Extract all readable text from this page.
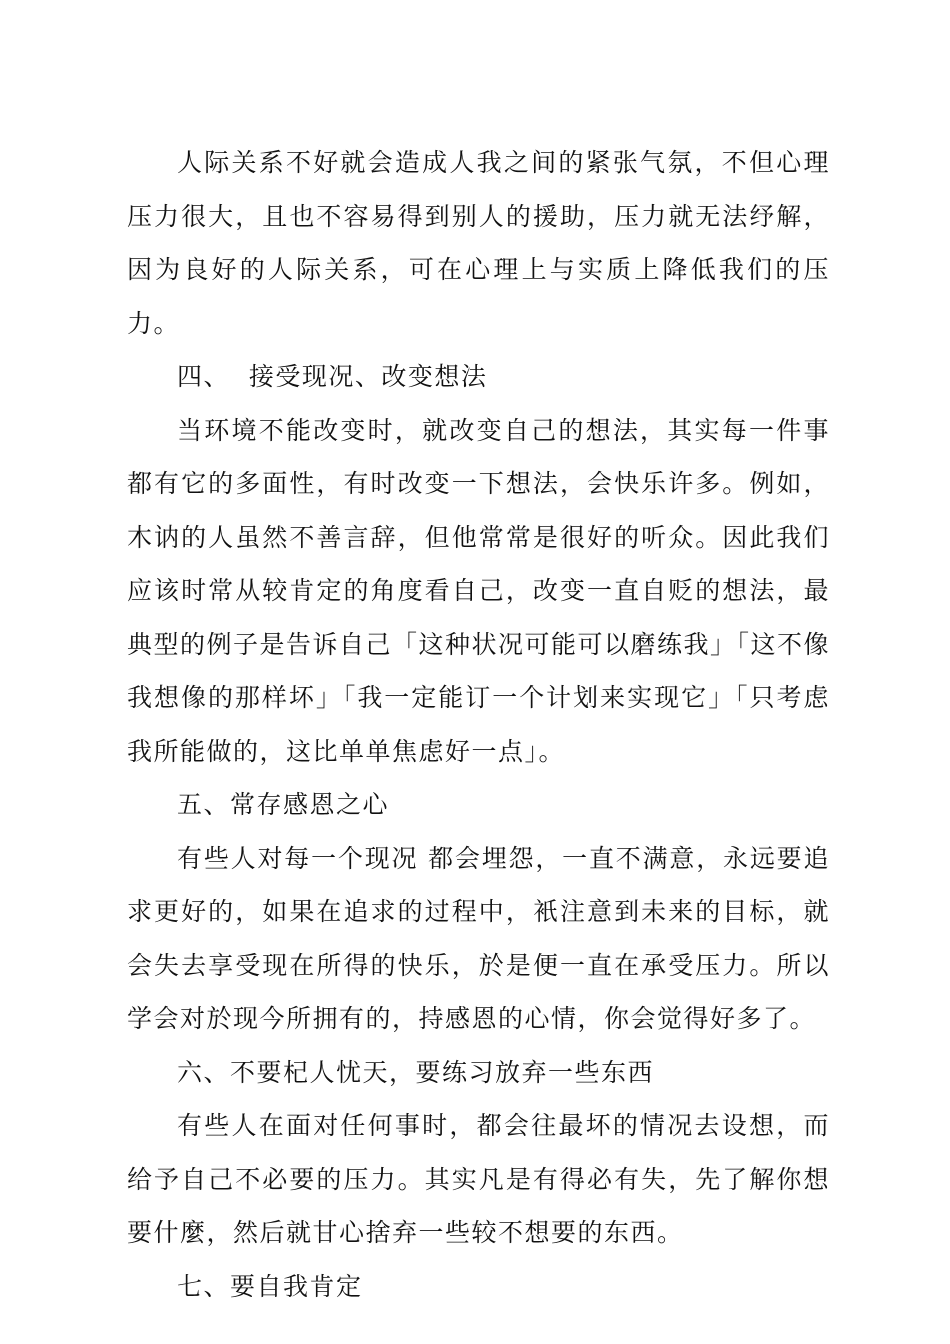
人际关系不好就会造成人我之间的紧张气氛，不但心理压力很大，且也不容易得到别人的援助，压力就无法纾解，因为良好的人际关系，可在心理上与实质上降低我们的压力。

四、  接受现况、改变想法

当环境不能改变时，就改变自己的想法，其实每一件事都有它的多面性，有时改变一下想法，会快乐许多。例如，木讷的人虽然不善言辞，但他常常是很好的听众。因此我们应该时常从较肯定的角度看自己，改变一直自贬的想法，最典型的例子是告诉自己「这种状况可能可以磨练我」「这不像我想像的那样坏」「我一定能订一个计划来实现它」「只考虑我所能做的，这比单单焦虑好一点」。

五、常存感恩之心

有些人对每一个现况 都会埋怨，一直不满意，永远要追求更好的，如果在追求的过程中，衹注意到未来的目标，就会失去享受现在所得的快乐，於是便一直在承受压力。所以学会对於现今所拥有的，持感恩的心情，你会觉得好多了。

六、不要杞人忧天，要练习放弃一些东西

有些人在面对任何事时，都会往最坏的情况去设想，而给予自己不必要的压力。其实凡是有得必有失，先了解你想要什麼，然后就甘心捨弃一些较不想要的东西。

七、要自我肯定
